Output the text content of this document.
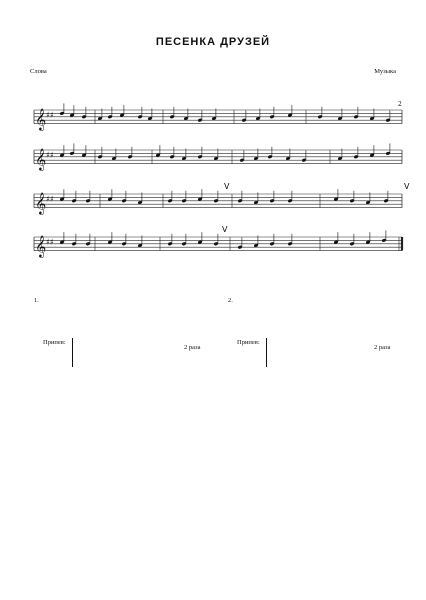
ПЕСЕНКА ДРУЗЕЙ
Слова	Музыка
𝄞 ♯♯
𝄞 ♯♯
𝄞 ♯♯
𝄞 ♯♯
V	V
V
2
1.
Припев:
2 раза
2.
Припев:
2 раза
